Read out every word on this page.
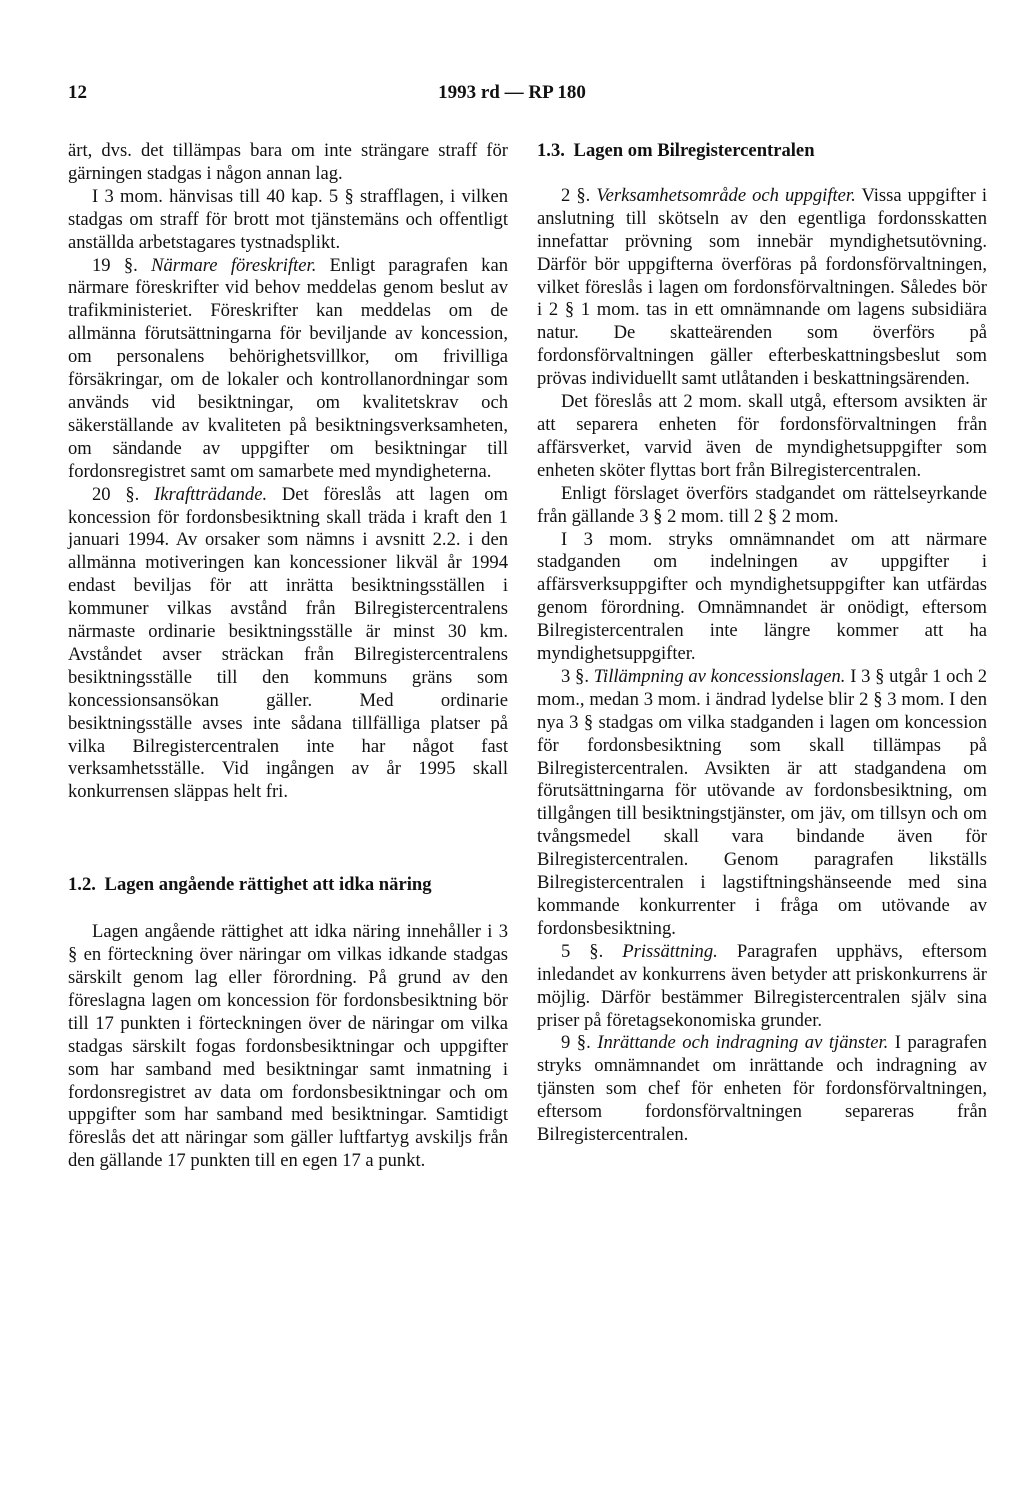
12	1993 rd — RP 180

ärt, dvs. det tillämpas bara om inte strängare straff för gärningen stadgas i någon annan lag.

I 3 mom. hänvisas till 40 kap. 5 § strafflagen, i vilken stadgas om straff för brott mot tjänstemäns och offentligt anställda arbetstagares tystnadsplikt.

19 §. Närmare föreskrifter. Enligt paragrafen kan närmare föreskrifter vid behov meddelas genom beslut av trafikministeriet. Föreskrifter kan meddelas om de allmänna förutsättningarna för beviljande av koncession, om personalens behörighetsvillkor, om frivilliga försäkringar, om de lokaler och kontrollanordningar som används vid besiktningar, om kvalitetskrav och säkerställande av kvaliteten på besiktningsverksamheten, om sändande av uppgifter om besiktningar till fordonsregistret samt om samarbete med myndigheterna.

20 §. Ikraftträdande. Det föreslås att lagen om koncession för fordonsbesiktning skall träda i kraft den 1 januari 1994. Av orsaker som nämns i avsnitt 2.2. i den allmänna motiveringen kan koncessioner likväl år 1994 endast beviljas för att inrätta besiktningsställen i kommuner vilkas avstånd från Bilregistercentralens närmaste ordinarie besiktningsställe är minst 30 km. Avståndet avser sträckan från Bilregistercentralens besiktningsställe till den kommuns gräns som koncessionsansökan gäller. Med ordinarie besiktningsställe avses inte sådana tillfälliga platser på vilka Bilregistercentralen inte har något fast verksamhetsställe. Vid ingången av år 1995 skall konkurrensen släppas helt fri.

1.2. Lagen angående rättighet att idka näring

Lagen angående rättighet att idka näring innehåller i 3 § en förteckning över näringar om vilkas idkande stadgas särskilt genom lag eller förordning. På grund av den föreslagna lagen om koncession för fordonsbesiktning bör till 17 punkten i förteckningen över de näringar om vilka stadgas särskilt fogas fordonsbesiktningar och uppgifter som har samband med besiktningar samt inmatning i fordonsregistret av data om fordonsbesiktningar och om uppgifter som har samband med besiktningar. Samtidigt föreslås det att näringar som gäller luftfartyg avskiljs från den gällande 17 punkten till en egen 17 a punkt.

1.3. Lagen om Bilregistercentralen

2 §. Verksamhetsområde och uppgifter. Vissa uppgifter i anslutning till skötseln av den egentliga fordonsskatten innefattar prövning som innebär myndighetsutövning. Därför bör uppgifterna överföras på fordonsförvaltningen, vilket föreslås i lagen om fordonsförvaltningen. Således bör i 2 § 1 mom. tas in ett omnämnande om lagens subsidiära natur. De skatteärenden som överförs på fordonsförvaltningen gäller efterbeskattningsbeslut som prövas individuellt samt utlåtanden i beskattningsärenden.

Det föreslås att 2 mom. skall utgå, eftersom avsikten är att separera enheten för fordonsförvaltningen från affärsverket, varvid även de myndighetsuppgifter som enheten sköter flyttas bort från Bilregistercentralen.

Enligt förslaget överförs stadgandet om rättelseyrkande från gällande 3 § 2 mom. till 2 § 2 mom.

I 3 mom. stryks omnämnandet om att närmare stadganden om indelningen av uppgifter i affärsverksuppgifter och myndighetsuppgifter kan utfärdas genom förordning. Omnämnandet är onödigt, eftersom Bilregistercentralen inte längre kommer att ha myndighetsuppgifter.

3 §. Tillämpning av koncessionslagen. I 3 § utgår 1 och 2 mom., medan 3 mom. i ändrad lydelse blir 2 § 3 mom. I den nya 3 § stadgas om vilka stadganden i lagen om koncession för fordonsbesiktning som skall tillämpas på Bilregistercentralen. Avsikten är att stadgandena om förutsättningarna för utövande av fordonsbesiktning, om tillgången till besiktningstjänster, om jäv, om tillsyn och om tvångsmedel skall vara bindande även för Bilregistercentralen. Genom paragrafen likställs Bilregistercentralen i lagstiftningshänseende med sina kommande konkurrenter i fråga om utövande av fordonsbesiktning.

5 §. Prissättning. Paragrafen upphävs, eftersom inledandet av konkurrens även betyder att priskonkurrens är möjlig. Därför bestämmer Bilregistercentralen själv sina priser på företagsekonomiska grunder.

9 §. Inrättande och indragning av tjänster. I paragrafen stryks omnämnandet om inrättande och indragning av tjänsten som chef för enheten för fordonsförvaltningen, eftersom fordonsförvaltningen separeras från Bilregistercentralen.
